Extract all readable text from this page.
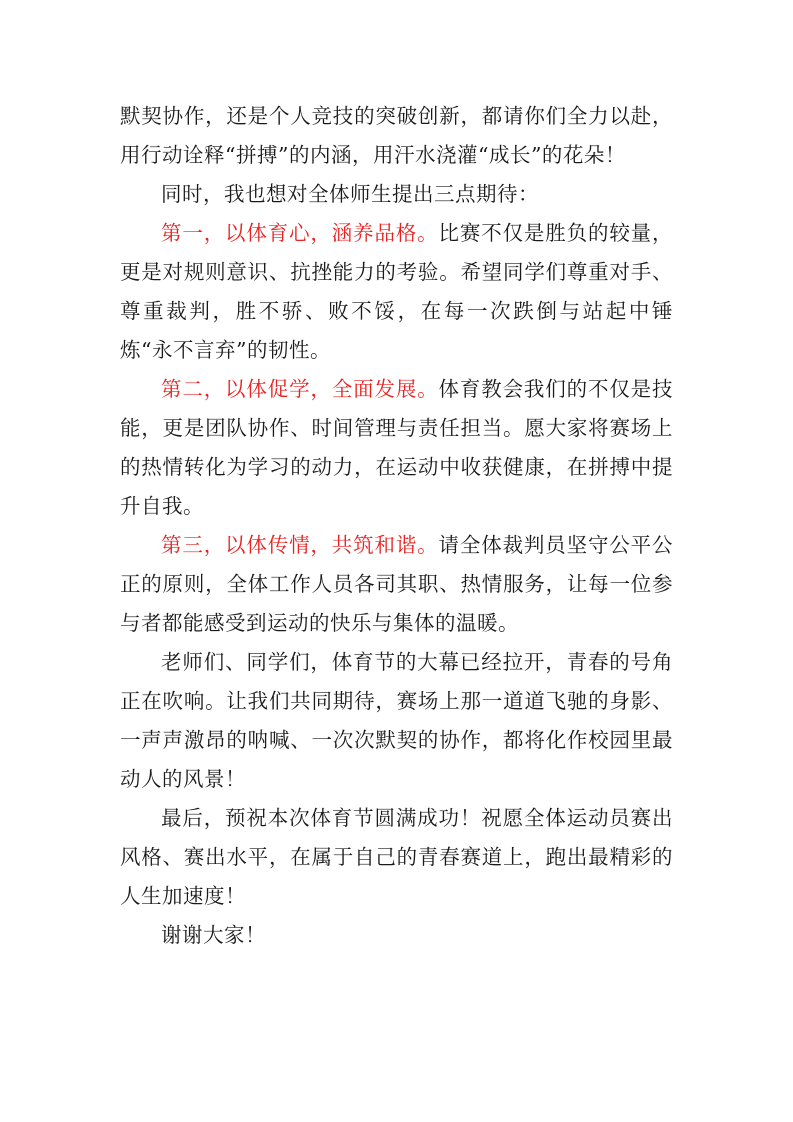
默契协作，还是个人竞技的突破创新，都请你们全力以赴，用行动诠释“拼搏”的内涵，用汗水浇灌“成长”的花朵！

同时，我也想对全体师生提出三点期待：

第一，以体育心，涵养品格。比赛不仅是胜负的较量，更是对规则意识、抗挫能力的考验。希望同学们尊重对手、尊重裁判，胜不骄、败不馁，在每一次跌倒与站起中锤炼“永不言弃”的韧性。

第二，以体促学，全面发展。体育教会我们的不仅是技能，更是团队协作、时间管理与责任担当。愿大家将赛场上的热情转化为学习的动力，在运动中收获健康，在拼搏中提升自我。

第三，以体传情，共筑和谐。请全体裁判员坚守公平公正的原则，全体工作人员各司其职、热情服务，让每一位参与者都能感受到运动的快乐与集体的温暖。

老师们、同学们，体育节的大幕已经拉开，青春的号角正在吹响。让我们共同期待，赛场上那一道道飞驰的身影、一声声激昂的呐喊、一次次默契的协作，都将化作校园里最动人的风景！

最后，预祝本次体育节圆满成功！祝愿全体运动员赛出风格、赛出水平，在属于自己的青春赛道上，跑出最精彩的人生加速度！

谢谢大家！
